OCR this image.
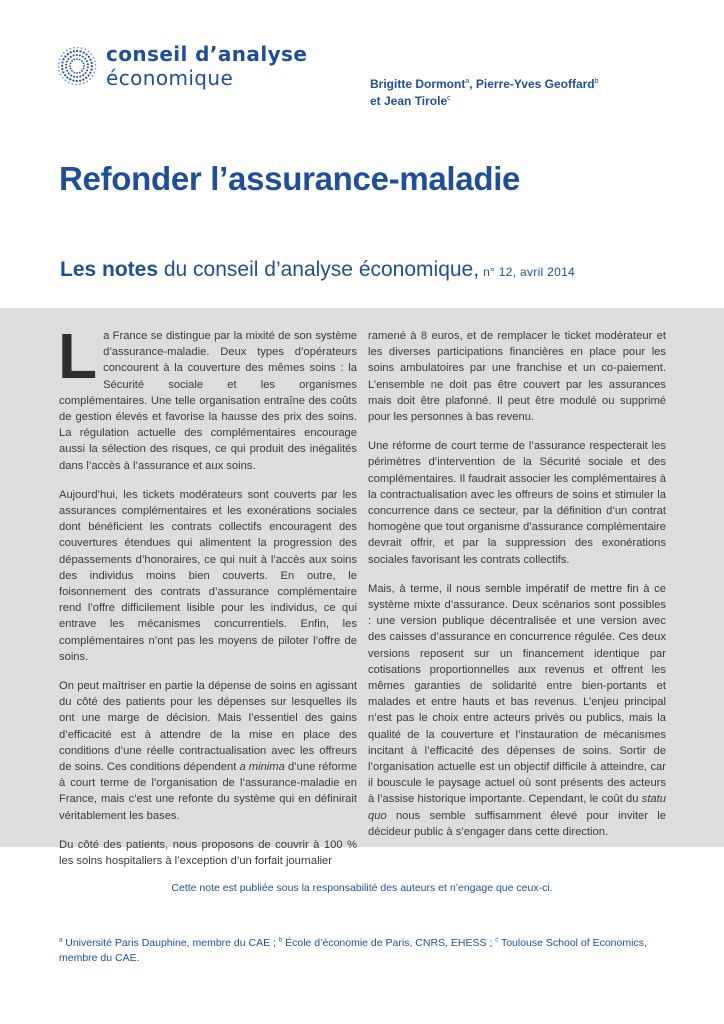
conseil d’analyse
économique	Brigitte Dormont$^a$, Pierre-Yves Geoffard$^b$
et Jean Tirole$^c$
Refonder l’assurance-maladie
Les notes du conseil d’analyse économique, n° 12, avril 2014

La France se distingue par la mixité de son système d’assurance-maladie. Deux types d’opérateurs concourent à la couverture des mêmes soins : la Sécurité sociale et les organismes complémentaires. Une telle organisation entraîne des coûts de gestion élevés et favorise la hausse des prix des soins. La régulation actuelle des complémentaires encourage aussi la sélection des risques, ce qui produit des inégalités dans l’accès à l’assurance et aux soins.

Aujourd’hui, les tickets modérateurs sont couverts par les assurances complémentaires et les exonérations sociales dont bénéficient les contrats collectifs encouragent des couvertures étendues qui alimentent la progression des dépassements d’honoraires, ce qui nuit à l’accès aux soins des individus moins bien couverts. En outre, le foisonnement des contrats d’assurance complémentaire rend l’offre difficilement lisible pour les individus, ce qui entrave les mécanismes concurrentiels. Enfin, les complémentaires n’ont pas les moyens de piloter l’offre de soins.

On peut maîtriser en partie la dépense de soins en agissant du côté des patients pour les dépenses sur lesquelles ils ont une marge de décision. Mais l’essentiel des gains d’efficacité est à attendre de la mise en place des conditions d’une réelle contractualisation avec les offreurs de soins. Ces conditions dépendent a minima d’une réforme à court terme de l’organisation de l’assurance-maladie en France, mais c’est une refonte du système qui en définirait véritablement les bases.

Du côté des patients, nous proposons de couvrir à 100 % les soins hospitaliers à l’exception d’un forfait journalier

ramené à 8 euros, et de remplacer le ticket modérateur et les diverses participations financières en place pour les soins ambulatoires par une franchise et un co-paiement. L’ensemble ne doit pas être couvert par les assurances mais doit être plafonné. Il peut être modulé ou supprimé pour les personnes à bas revenu.

Une réforme de court terme de l’assurance respecterait les périmètres d’intervention de la Sécurité sociale et des complémentaires. Il faudrait associer les complémentaires à la contractualisation avec les offreurs de soins et stimuler la concurrence dans ce secteur, par la définition d’un contrat homogène que tout organisme d’assurance complémentaire devrait offrir, et par la suppression des exonérations sociales favorisant les contrats collectifs.

Mais, à terme, il nous semble impératif de mettre fin à ce système mixte d’assurance. Deux scénarios sont possibles : une version publique décentralisée et une version avec des caisses d’assurance en concurrence régulée. Ces deux versions reposent sur un financement identique par cotisations proportionnelles aux revenus et offrent les mêmes garanties de solidarité entre bien-portants et malades et entre hauts et bas revenus. L’enjeu principal n’est pas le choix entre acteurs privés ou publics, mais la qualité de la couverture et l’instauration de mécanismes incitant à l’efficacité des dépenses de soins. Sortir de l’organisation actuelle est un objectif difficile à atteindre, car il bouscule le paysage actuel où sont présents des acteurs à l’assise historique importante. Cependant, le coût du statu quo nous semble suffisamment élevé pour inviter le décideur public à s’engager dans cette direction.

Cette note est publiée sous la responsabilité des auteurs et n’engage que ceux-ci.
$^a$ Université Paris Dauphine, membre du CAE ; $^b$ École d’économie de Paris, CNRS, EHESS ; $^c$ Toulouse School of Economics, membre du CAE.
